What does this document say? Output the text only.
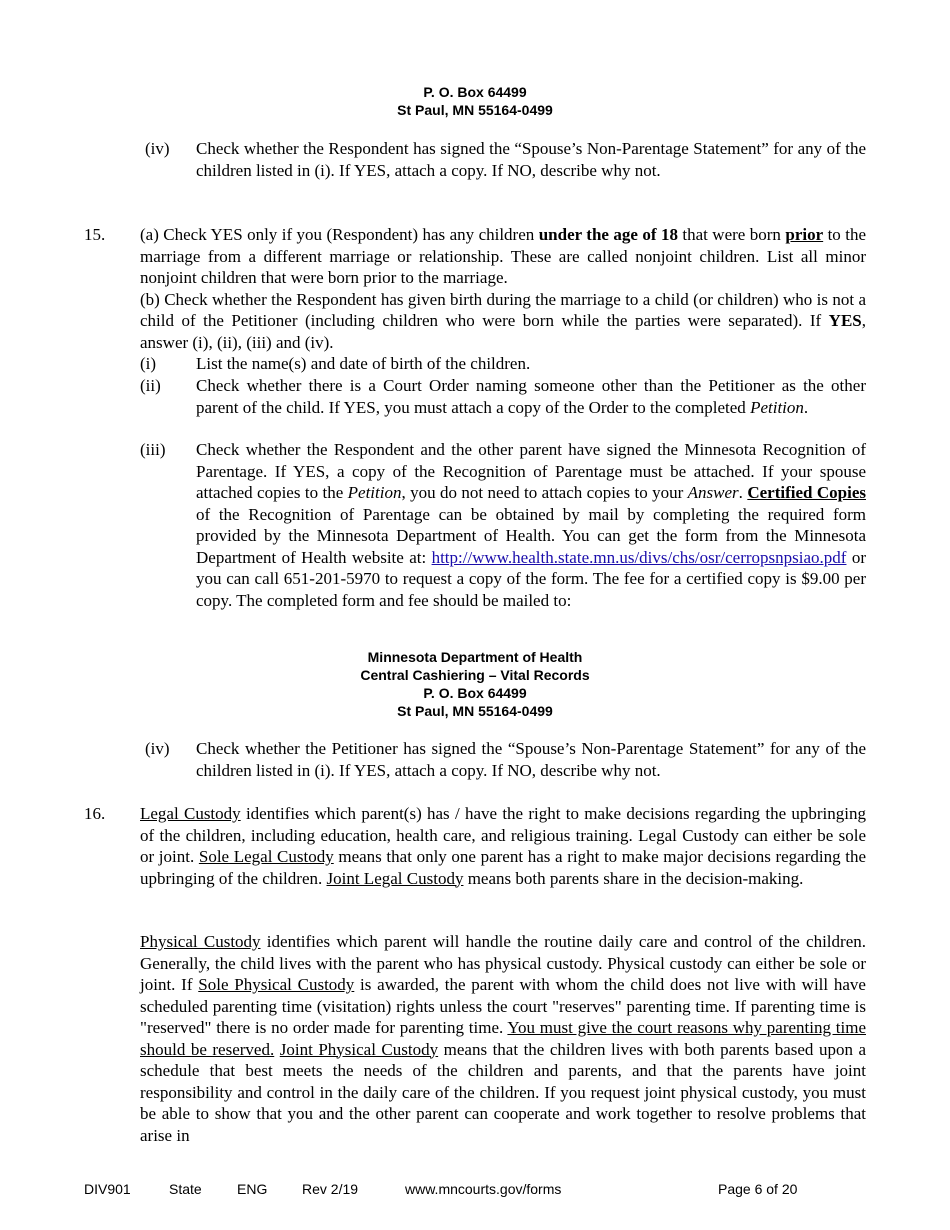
P. O. Box 64499
St Paul, MN 55164-0499
(iv) Check whether the Respondent has signed the “Spouse’s Non-Parentage Statement” for any of the children listed in (i). If YES, attach a copy. If NO, describe why not.
15. (a) Check YES only if you (Respondent) has any children under the age of 18 that were born prior to the marriage from a different marriage or relationship. These are called nonjoint children. List all minor nonjoint children that were born prior to the marriage.

(b) Check whether the Respondent has given birth during the marriage to a child (or children) who is not a child of the Petitioner (including children who were born while the parties were separated). If YES, answer (i), (ii), (iii) and (iv).

(i) List the name(s) and date of birth of the children.
(ii) Check whether there is a Court Order naming someone other than the Petitioner as the other parent of the child. If YES, you must attach a copy of the Order to the completed Petition.
(iii) Check whether the Respondent and the other parent have signed the Minnesota Recognition of Parentage. If YES, a copy of the Recognition of Parentage must be attached. If your spouse attached copies to the Petition, you do not need to attach copies to your Answer. Certified Copies of the Recognition of Parentage can be obtained by mail by completing the required form provided by the Minnesota Department of Health. You can get the form from the Minnesota Department of Health website at: http://www.health.state.mn.us/divs/chs/osr/cerropsnpsiao.pdf or you can call 651-201-5970 to request a copy of the form. The fee for a certified copy is $9.00 per copy. The completed form and fee should be mailed to:
Minnesota Department of Health
Central Cashiering – Vital Records
P. O. Box 64499
St Paul, MN 55164-0499
(iv) Check whether the Petitioner has signed the “Spouse’s Non-Parentage Statement” for any of the children listed in (i). If YES, attach a copy. If NO, describe why not.
16. Legal Custody identifies which parent(s) has / have the right to make decisions regarding the upbringing of the children, including education, health care, and religious training. Legal Custody can either be sole or joint. Sole Legal Custody means that only one parent has a right to make major decisions regarding the upbringing of the children. Joint Legal Custody means both parents share in the decision-making.
Physical Custody identifies which parent will handle the routine daily care and control of the children. Generally, the child lives with the parent who has physical custody. Physical custody can either be sole or joint. If Sole Physical Custody is awarded, the parent with whom the child does not live with will have scheduled parenting time (visitation) rights unless the court "reserves" parenting time. If parenting time is "reserved" there is no order made for parenting time. You must give the court reasons why parenting time should be reserved. Joint Physical Custody means that the children lives with both parents based upon a schedule that best meets the needs of the children and parents, and that the parents have joint responsibility and control in the daily care of the children. If you request joint physical custody, you must be able to show that you and the other parent can cooperate and work together to resolve problems that arise in
DIV901	State	ENG Rev 2/19	www.mncourts.gov/forms	Page 6 of 20
